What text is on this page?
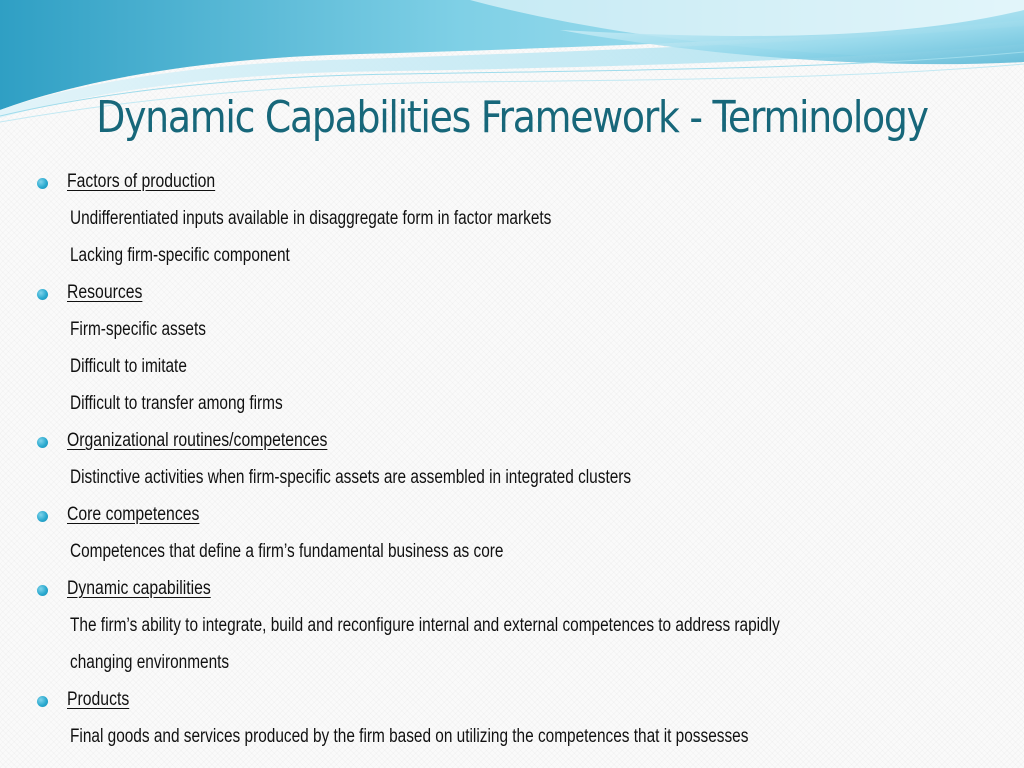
Dynamic Capabilities Framework - Terminology
Factors of production
Undifferentiated inputs available in disaggregate form in factor markets
Lacking firm-specific component
Resources
Firm-specific assets
Difficult to imitate
Difficult to transfer among firms
Organizational routines/competences
Distinctive activities when firm-specific assets are assembled in integrated clusters
Core competences
Competences that define a firm’s fundamental business as core
Dynamic capabilities
The firm’s ability to integrate, build and reconfigure internal and external competences to address rapidly
changing environments
Products
Final goods and services produced by the firm based on utilizing the competences that it possesses
